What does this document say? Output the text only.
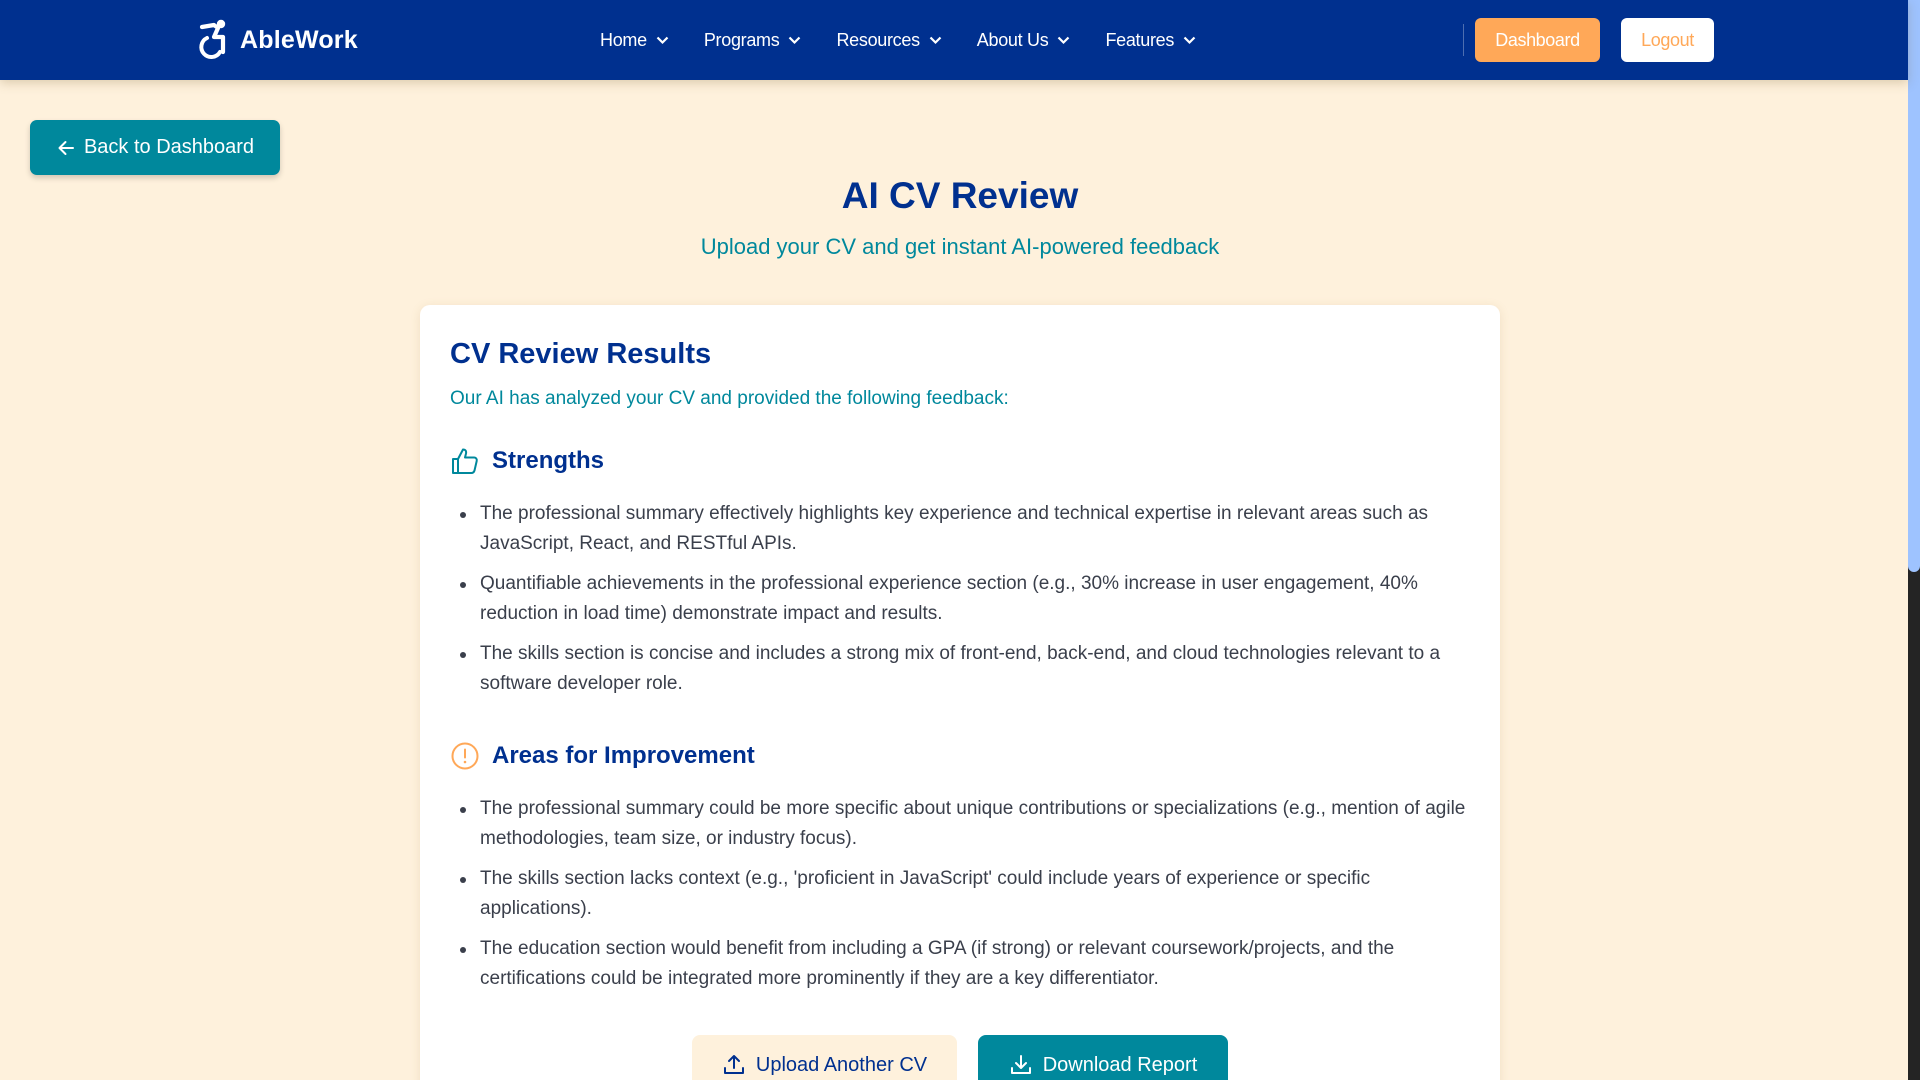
AbleWork	Home	Programs	Resources	About Us	Features	Dashboard	Logout
Back to Dashboard
AI CV Review

Upload your CV and get instant AI-powered feedback

CV Review Results

Our AI has analyzed your CV and provided the following feedback:

Strengths
The professional summary effectively highlights key experience and technical expertise in relevant areas such as JavaScript, React, and RESTful APIs.
Quantifiable achievements in the professional experience section (e.g., 30% increase in user engagement, 40% reduction in load time) demonstrate impact and results.
The skills section is concise and includes a strong mix of front-end, back-end, and cloud technologies relevant to a software developer role.
Areas for Improvement
The professional summary could be more specific about unique contributions or specializations (e.g., mention of agile methodologies, team size, or industry focus).
The skills section lacks context (e.g., 'proficient in JavaScript' could include years of experience or specific applications).
The education section would benefit from including a GPA (if strong) or relevant coursework/projects, and the certifications could be integrated more prominently if they are a key differentiator.
Upload Another CV	Download Report
